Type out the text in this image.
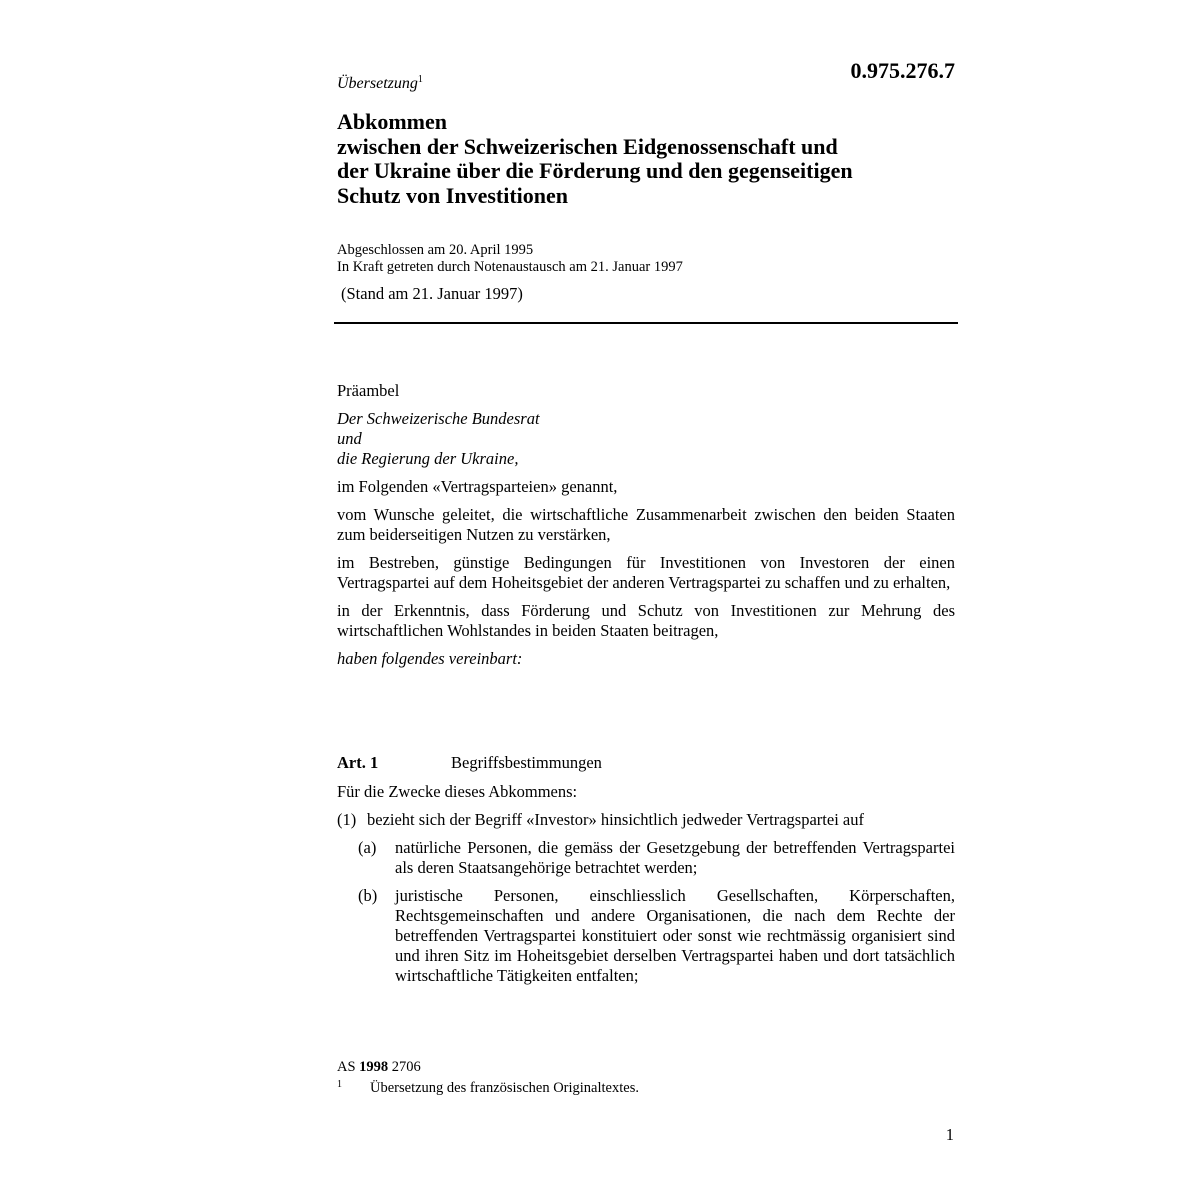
0.975.276.7
Übersetzung$^1$
Abkommen
zwischen der Schweizerischen Eidgenossenschaft und
der Ukraine über die Förderung und den gegenseitigen
Schutz von Investitionen
Abgeschlossen am 20. April 1995
In Kraft getreten durch Notenaustausch am 21. Januar 1997
(Stand am 21. Januar 1997)

Präambel

Der Schweizerische Bundesrat
und
die Regierung der Ukraine,

im Folgenden «Vertragsparteien» genannt,

vom Wunsche geleitet, die wirtschaftliche Zusammenarbeit zwischen den beiden Staaten zum beiderseitigen Nutzen zu verstärken,

im Bestreben, günstige Bedingungen für Investitionen von Investoren der einen Vertragspartei auf dem Hoheitsgebiet der anderen Vertragspartei zu schaffen und zu erhalten,

in der Erkenntnis, dass Förderung und Schutz von Investitionen zur Mehrung des wirtschaftlichen Wohlstandes in beiden Staaten beitragen,

haben folgendes vereinbart:

Art. 1	Begriffsbestimmungen

Für die Zwecke dieses Abkommens:

(1) bezieht sich der Begriff «Investor» hinsichtlich jedweder Vertragspartei auf

(a) natürliche Personen, die gemäss der Gesetzgebung der betreffenden Vertragspartei als deren Staatsangehörige betrachtet werden;
(b) juristische Personen, einschliesslich Gesellschaften, Körperschaften, Rechtsgemeinschaften und andere Organisationen, die nach dem Rechte der betreffenden Vertragspartei konstituiert oder sonst wie rechtmässig organisiert sind und ihren Sitz im Hoheitsgebiet derselben Vertragspartei haben und dort tatsächlich wirtschaftliche Tätigkeiten entfalten;
AS 1998 2706
1 Übersetzung des französischen Originaltextes.
1
